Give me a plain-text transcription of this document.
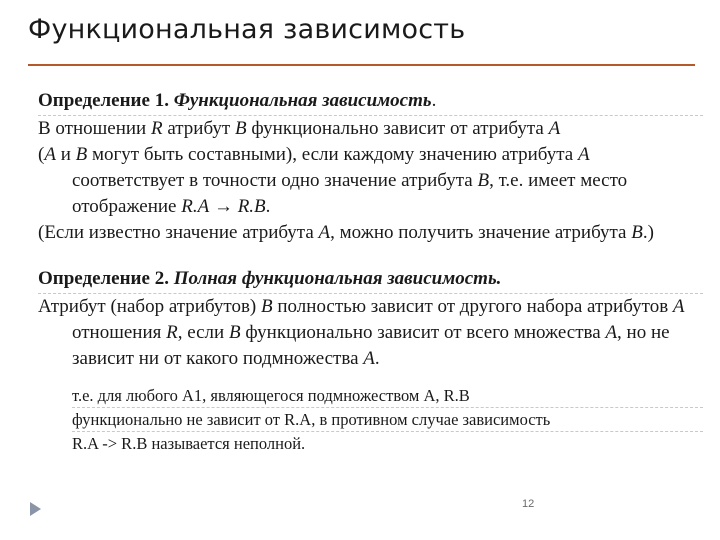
Функциональная зависимость

Определение 1. Функциональная зависимость.

В отношении R атрибут B функционально зависит от атрибута A

(A и B могут быть составными), если каждому значению атрибута A соответствует в точности одно значение атрибута B, т.е. имеет место отображение R.A → R.B.

(Если известно значение атрибута A, можно получить значение атрибута B.)

Определение 2. Полная функциональная зависимость.

Атрибут (набор атрибутов) B полностью зависит от другого набора атрибутов A отношения R, если B функционально зависит от всего множества A, но не зависит ни от какого подмножества A.

т.е. для любого A1, являющегося подмножеством A, R.B
функционально не зависит от R.A, в противном случае зависимость
R.A -> R.B называется неполной.
12
